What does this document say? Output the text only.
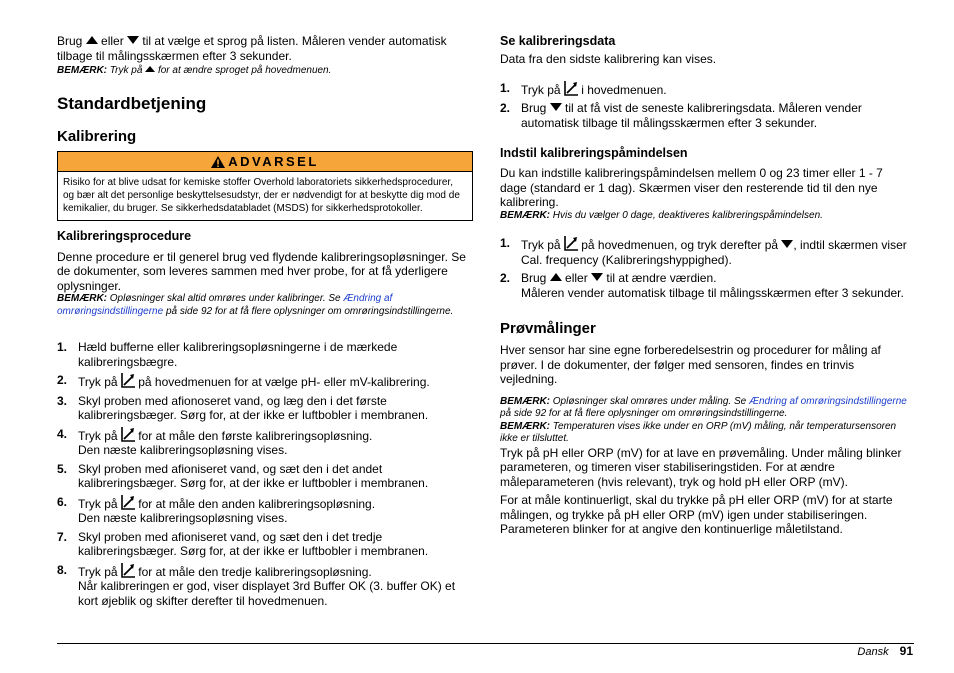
Brug eller til at vælge et sprog på listen. Måleren vender automatisk tilbage til målingsskærmen efter 3 sekunder.

BEMÆRK: Tryk på for at ændre sproget på hovedmenuen.

Standardbetjening
Kalibrering
ADVARSEL
Risiko for at blive udsat for kemiske stoffer Overhold laboratoriets sikkerhedsprocedurer, og bær alt det personlige beskyttelsesudstyr, der er nødvendigt for at beskytte dig mod de kemikalier, du bruger. Se sikkerhedsdatabladet (MSDS) for sikkerhedsprotokoller.
Kalibreringsprocedure

Denne procedure er til generel brug ved flydende kalibreringsopløsninger. Se de dokumenter, som leveres sammen med hver probe, for at få yderligere oplysninger.

BEMÆRK: Opløsninger skal altid omrøres under kalibringer. Se Ændring af omrøringsindstillingerne på side 92 for at få flere oplysninger om omrøringsindstillingerne.

1. Hæld bufferne eller kalibreringsopløsningerne i de mærkede kalibreringsbægre.
2. Tryk på på hovedmenuen for at vælge pH- eller mV-kalibrering.
3. Skyl proben med afionoseret vand, og læg den i det første kalibreringsbæger. Sørg for, at der ikke er luftbobler i membranen.
4. Tryk på for at måle den første kalibreringsopløsning.
Den næste kalibreringsopløsning vises.
5. Skyl proben med afioniseret vand, og sæt den i det andet kalibreringsbæger. Sørg for, at der ikke er luftbobler i membranen.
6. Tryk på for at måle den anden kalibreringsopløsning.
Den næste kalibreringsopløsning vises.
7. Skyl proben med afioniseret vand, og sæt den i det tredje kalibreringsbæger. Sørg for, at der ikke er luftbobler i membranen.
8. Tryk på for at måle den tredje kalibreringsopløsning.
Når kalibreringen er god, viser displayet 3rd Buffer OK (3. buffer OK) et kort øjeblik og skifter derefter til hovedmenuen.
Se kalibreringsdata

Data fra den sidste kalibrering kan vises.

1. Tryk på i hovedmenuen.
2. Brug til at få vist de seneste kalibreringsdata. Måleren vender automatisk tilbage til målingsskærmen efter 3 sekunder.
Indstil kalibreringspåmindelsen

Du kan indstille kalibreringspåmindelsen mellem 0 og 23 timer eller 1 - 7 dage (standard er 1 dag). Skærmen viser den resterende tid til den nye kalibrering.

BEMÆRK: Hvis du vælger 0 dage, deaktiveres kalibreringspåmindelsen.

1. Tryk på på hovedmenuen, og tryk derefter på , indtil skærmen viser Cal. frequency (Kalibreringshyppighed).
2. Brug eller til at ændre værdien.
Måleren vender automatisk tilbage til målingsskærmen efter 3 sekunder.
Prøvmålinger

Hver sensor har sine egne forberedelsestrin og procedurer for måling af prøver. I de dokumenter, der følger med sensoren, findes en trinvis vejledning.

BEMÆRK: Opløsninger skal omrøres under måling. Se Ændring af omrøringsindstillingerne på side 92 for at få flere oplysninger om omrøringsindstillingerne.

BEMÆRK: Temperaturen vises ikke under en ORP (mV) måling, når temperatursensoren ikke er tilsluttet.

Tryk på pH eller ORP (mV) for at lave en prøvemåling. Under måling blinker parameteren, og timeren viser stabiliseringstiden. For at ændre måleparameteren (hvis relevant), tryk og hold pH eller ORP (mV).

For at måle kontinuerligt, skal du trykke på pH eller ORP (mV) for at starte målingen, og trykke på pH eller ORP (mV) igen under stabiliseringen. Parameteren blinker for at angive den kontinuerlige måletilstand.

Dansk 91
